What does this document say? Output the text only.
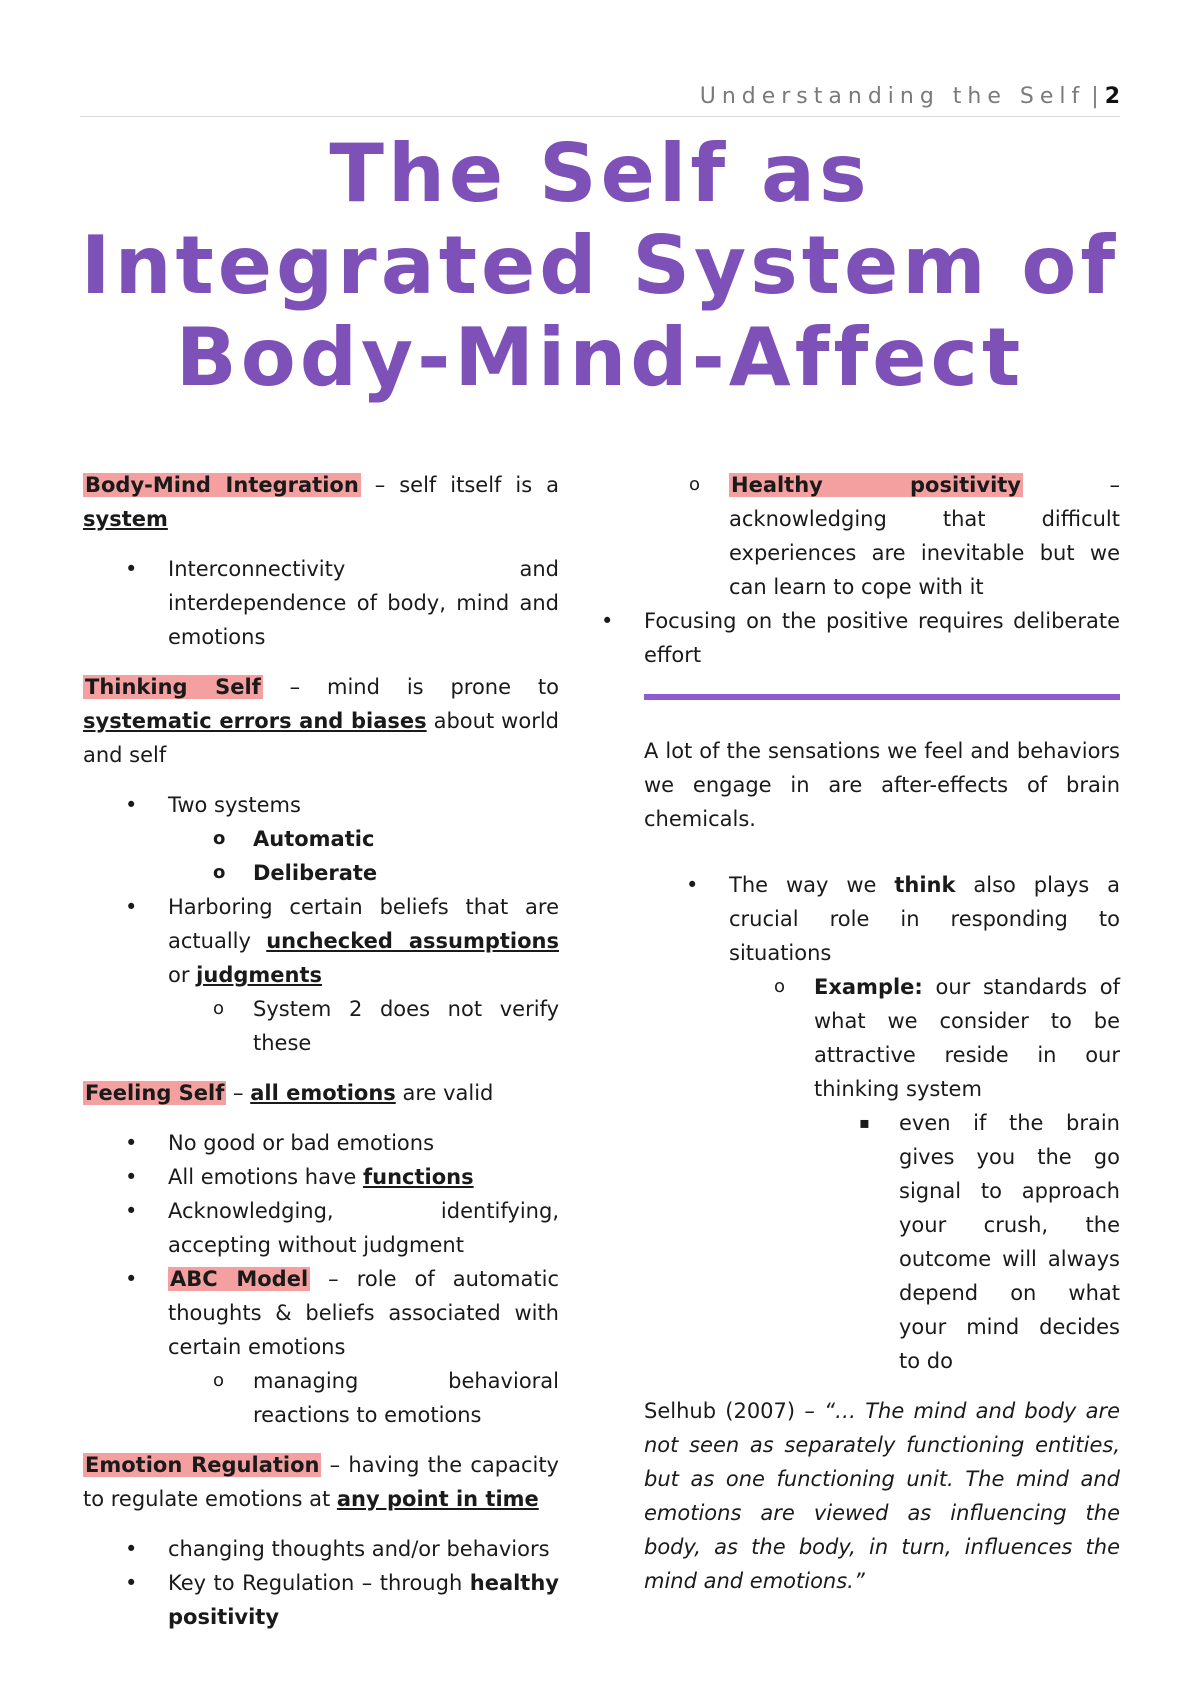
Understanding the Self | 2
The Self as Integrated System of Body-Mind-Affect

Body-Mind Integration – self itself is a system

• Interconnectivity and interdependence of body, mind and emotions

Thinking Self – mind is prone to systematic errors and biases about world and self

• Two systems
o Automatic
o Deliberate
• Harboring certain beliefs that are actually unchecked assumptions or judgments
o System 2 does not verify these

Feeling Self – all emotions are valid

• No good or bad emotions
• All emotions have functions
• Acknowledging, identifying, accepting without judgment
• ABC Model – role of automatic thoughts & beliefs associated with certain emotions
o managing behavioral reactions to emotions

Emotion Regulation – having the capacity to regulate emotions at any point in time

• changing thoughts and/or behaviors
• Key to Regulation – through healthy positivity
o Healthy positivity – acknowledging that difficult experiences are inevitable but we can learn to cope with it
• Focusing on the positive requires deliberate effort

A lot of the sensations we feel and behaviors we engage in are after-effects of brain chemicals.

• The way we think also plays a crucial role in responding to situations
o Example: our standards of what we consider to be attractive reside in our thinking system
▪ even if the brain gives you the go signal to approach your crush, the outcome will always depend on what your mind decides to do

Selhub (2007) – “… The mind and body are not seen as separately functioning entities, but as one functioning unit. The mind and emotions are viewed as influencing the body, as the body, in turn, influences the mind and emotions.”
